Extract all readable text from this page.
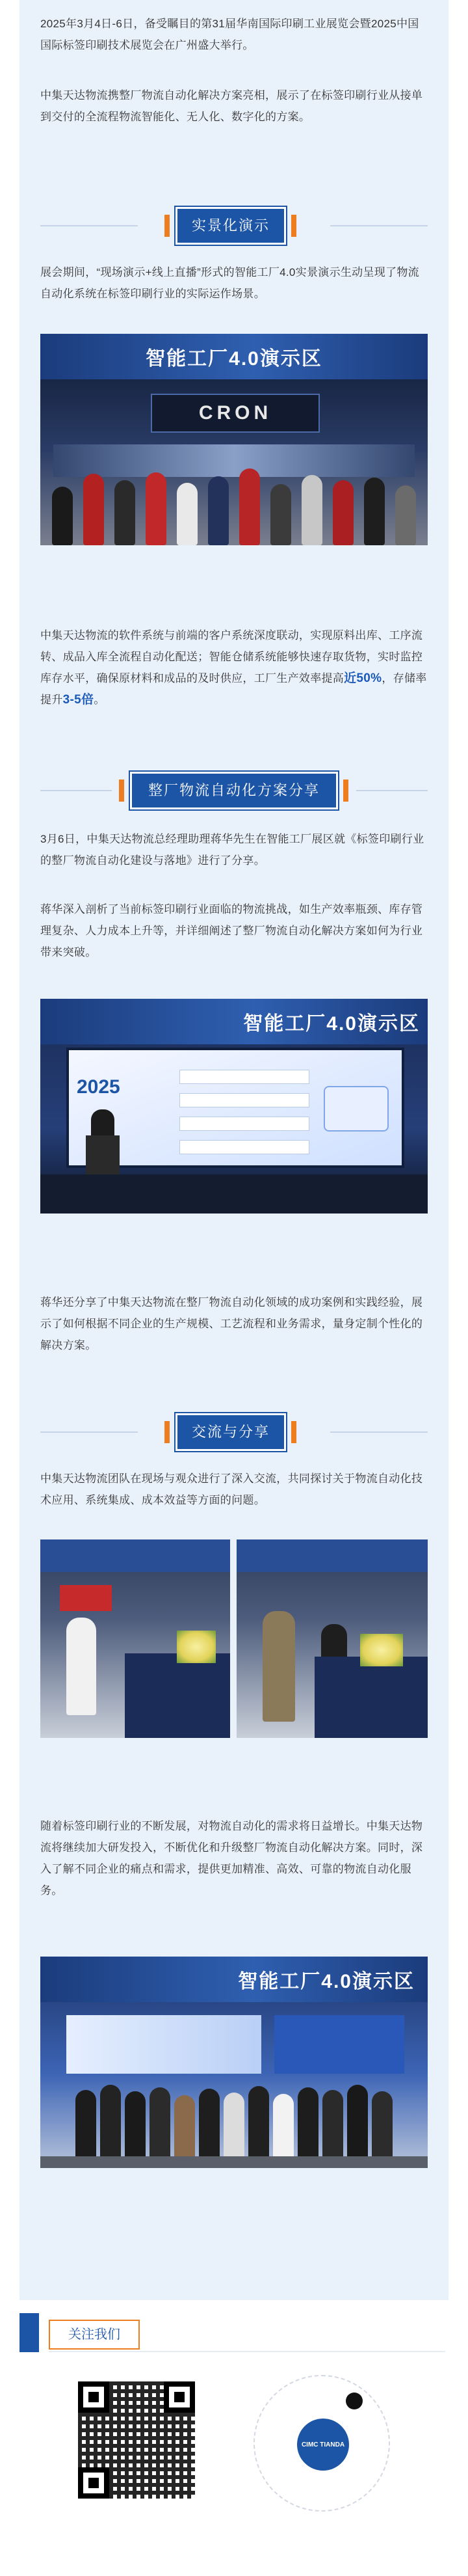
2025年3月4日-6日，备受瞩目的第31届华南国际印刷工业展览会暨2025中国国际标签印刷技术展览会在广州盛大举行。

中集天达物流携整厂物流自动化解决方案亮相，展示了在标签印刷行业从接单到交付的全流程物流智能化、无人化、数字化的方案。

实景化演示

展会期间，“现场演示+线上直播”形式的智能工厂4.0实景演示生动呈现了物流自动化系统在标签印刷行业的实际运作场景。

智能工厂4.0演示区
CRON

中集天达物流的软件系统与前端的客户系统深度联动，实现原料出库、工序流转、成品入库全流程自动化配送；智能仓储系统能够快速存取货物，实时监控库存水平，确保原材料和成品的及时供应，工厂生产效率提高近50%，存储率提升3-5倍。

整厂物流自动化方案分享

3月6日，中集天达物流总经理助理蒋华先生在智能工厂展区就《标签印刷行业的整厂物流自动化建设与落地》进行了分享。

蒋华深入剖析了当前标签印刷行业面临的物流挑战，如生产效率瓶颈、库存管理复杂、人力成本上升等，并详细阐述了整厂物流自动化解决方案如何为行业带来突破。

智能工厂4.0演示区
2025

蒋华还分享了中集天达物流在整厂物流自动化领域的成功案例和实践经验，展示了如何根据不同企业的生产规模、工艺流程和业务需求，量身定制个性化的解决方案。

交流与分享

中集天达物流团队在现场与观众进行了深入交流，共同探讨关于物流自动化技术应用、系统集成、成本效益等方面的问题。

随着标签印刷行业的不断发展，对物流自动化的需求将日益增长。中集天达物流将继续加大研发投入，不断优化和升级整厂物流自动化解决方案。同时，深入了解不同企业的痛点和需求，提供更加精准、高效、可靠的物流自动化服务。

智能工厂4.0演示区
关注我们
CIMC TIANDA
